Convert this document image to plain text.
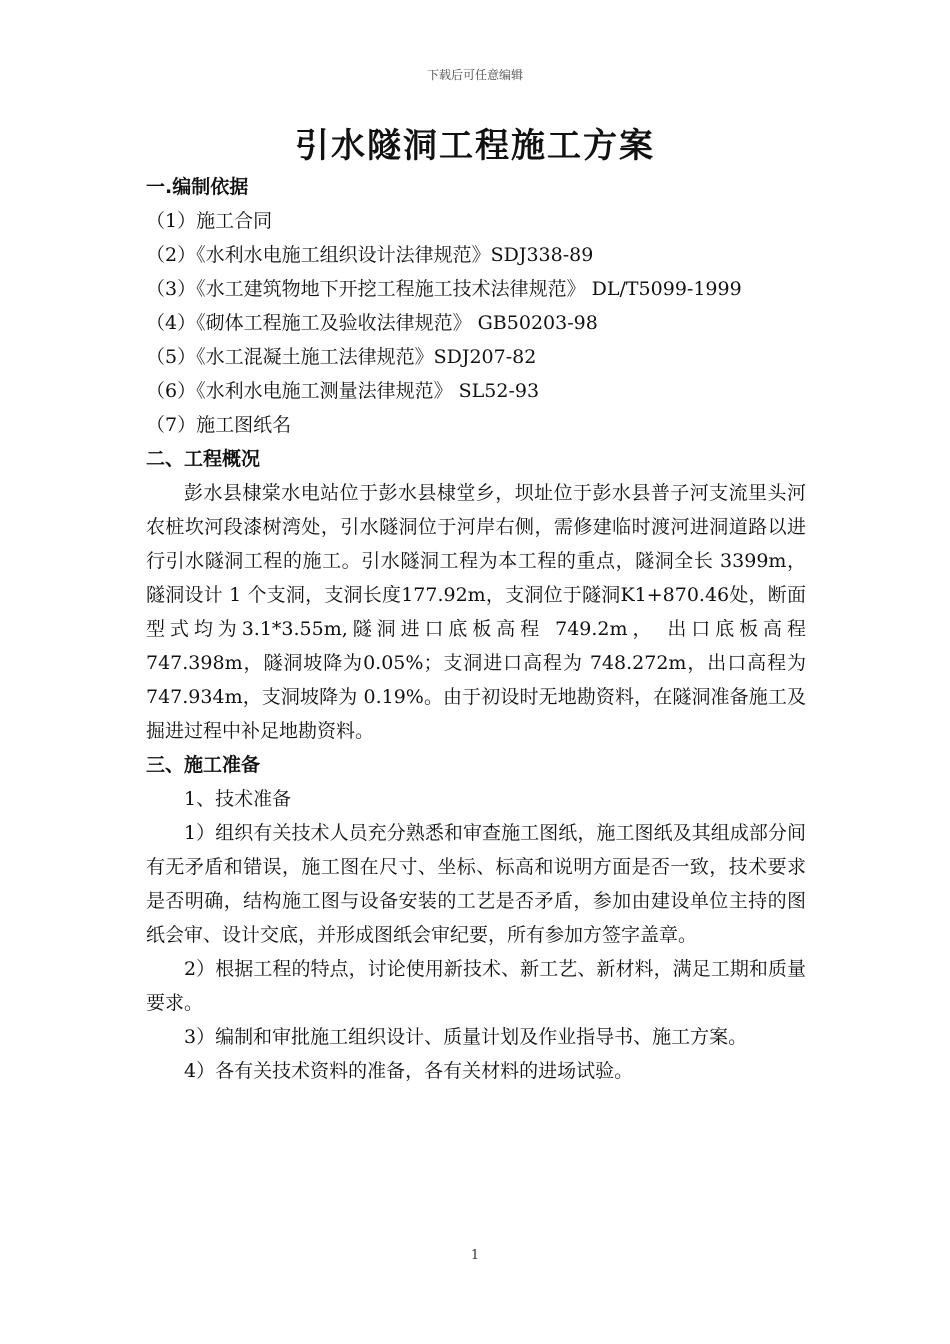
下载后可任意编辑
引水隧洞工程施工方案

一.编制依据

（1）施工合同

（2）《水利水电施工组织设计法律规范》SDJ338-89

（3）《水工建筑物地下开挖工程施工技术法律规范》 DL/T5099-1999

（4）《砌体工程施工及验收法律规范》 GB50203-98

（5）《水工混凝土施工法律规范》SDJ207-82

（6）《水利水电施工测量法律规范》 SL52-93

（7）施工图纸名

二、工程概况

彭水县棣棠水电站位于彭水县棣堂乡，坝址位于彭水县普子河支流里头河农桩坎河段漆树湾处，引水隧洞位于河岸右侧，需修建临时渡河进洞道路以进行引水隧洞工程的施工。引水隧洞工程为本工程的重点，隧洞全长 3399m，隧洞设计 1 个支洞，支洞长度177.92m，支洞位于隧洞K1+870.46处，断面型式均为3.1*3.55m,隧洞进口底板高程 749.2m， 出口底板高程 747.398m，隧洞坡降为0.05%；支洞进口高程为 748.272m，出口高程为 747.934m，支洞坡降为 0.19%。由于初设时无地勘资料，在隧洞准备施工及掘进过程中补足地勘资料。

三、施工准备

1、技术准备

1）组织有关技术人员充分熟悉和审查施工图纸，施工图纸及其组成部分间有无矛盾和错误，施工图在尺寸、坐标、标高和说明方面是否一致，技术要求是否明确，结构施工图与设备安装的工艺是否矛盾，参加由建设单位主持的图纸会审、设计交底，并形成图纸会审纪要，所有参加方签字盖章。

2）根据工程的特点，讨论使用新技术、新工艺、新材料，满足工期和质量要求。

3）编制和审批施工组织设计、质量计划及作业指导书、施工方案。

4）各有关技术资料的准备，各有关材料的进场试验。

1
